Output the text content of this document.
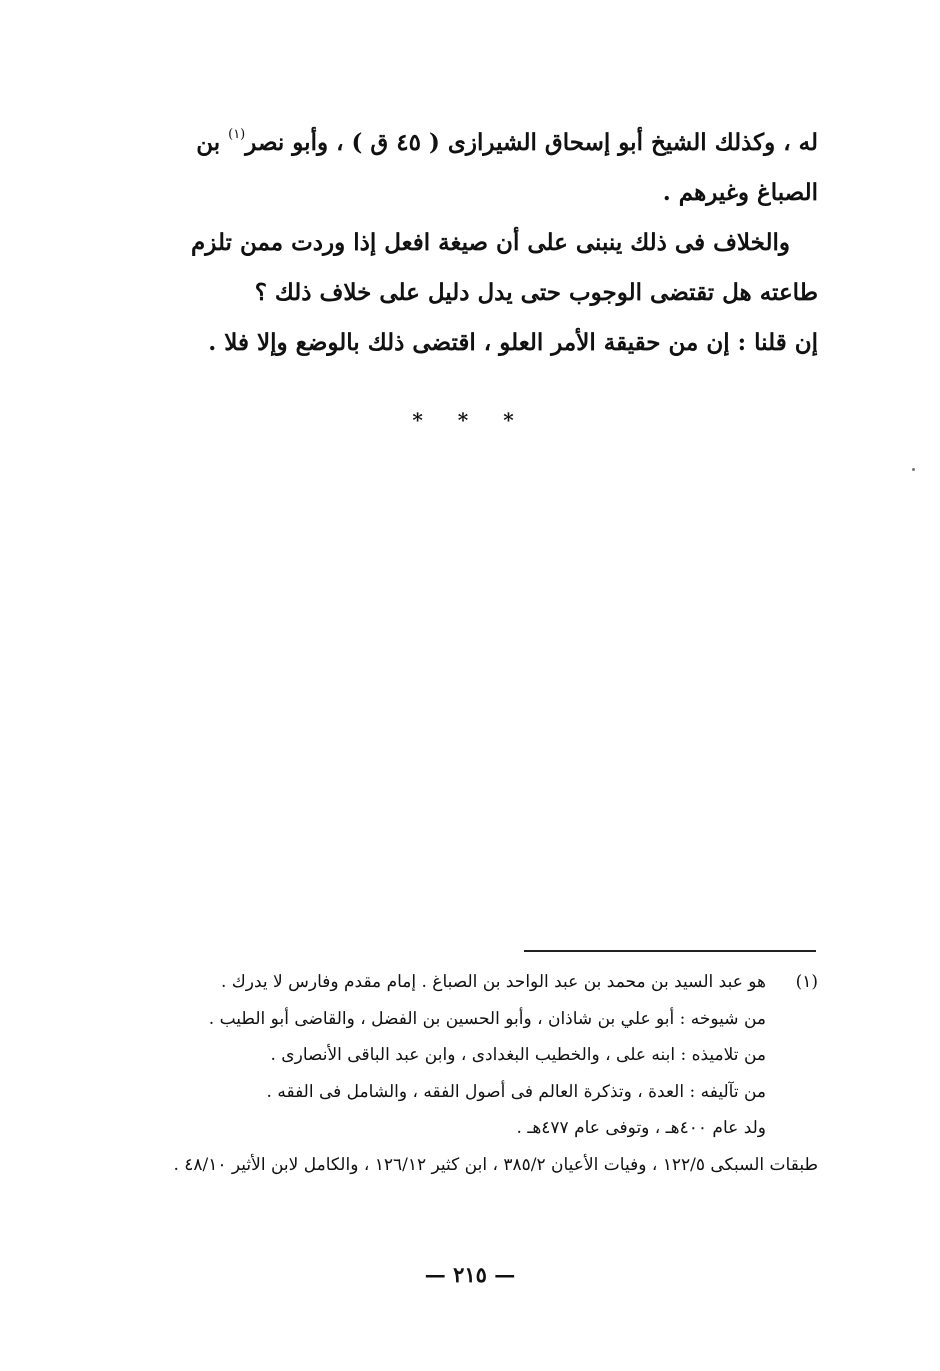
له ، وكذلك الشيخ أبو إسحاق الشيرازى ( ٤٥ ق ) ، وأبو نصر$^{(١)}$ بن الصباغ وغيرهم .

والخلاف فى ذلك ينبنى على أن صيغة افعل إذا وردت ممن تلزم طاعته هل تقتضى الوجوب حتى يدل دليل على خلاف ذلك ؟

إن قلنا : إن من حقيقة الأمر العلو ، اقتضى ذلك بالوضع وإلا فلا .

* * *
(١)
هو عبد السيد بن محمد بن عبد الواحد بن الصباغ . إمام مقدم وفارس لا يدرك .
من شيوخه : أبو علي بن شاذان ، وأبو الحسين بن الفضل ، والقاضى أبو الطيب .
من تلاميذه : ابنه على ، والخطيب البغدادى ، وابن عبد الباقى الأنصارى .
من تآليفه : العدة ، وتذكرة العالم فى أصول الفقه ، والشامل فى الفقه .
ولد عام ٤٠٠هـ ، وتوفى عام ٤٧٧هـ .
طبقات السبكى ١٢٢/٥ ، وفيات الأعيان ٣٨٥/٢ ، ابن كثير ١٢٦/١٢ ، والكامل لابن الأثير ٤٨/١٠ .
— ٢١٥ —
